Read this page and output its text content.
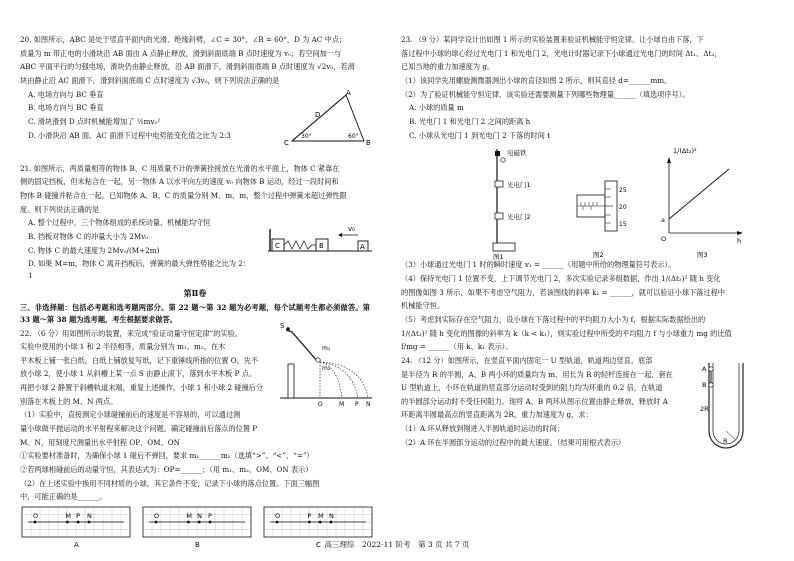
20. 如图所示，ABC 是处于竖直平面内的光滑、绝缘斜劈，∠C = 30°、∠B = 60°，D 为 AC 中点；

质量为 m 带正电的小滑块沿 AB 面由 A 点静止释放，滑到斜面底端 B 点时速度为 v₀；若空间加一与

ABC 平面平行的匀强电场，滑块仍由静止释放，沿 AB 面滑下，滑到斜面底端 B 点时速度为 √2v₀，若滑

块由静止沿 AC 面滑下，滑到斜面底端 C 点时速度为 √3v₀，则下列说法正确的是

A. 电场方向与 BC 垂直

B. 电场方向与 BC 垂直

C. 滑块滑到 D 点时机械能增加了 ½mv₀²

D. 小滑块沿 AB 面、AC 面滑下过程中电势能变化值之比为 2:3

A
B
C
D
30°	60°

21. 如图所示，两质量相等的物体 B、C 用质量不计的弹簧拴接放在光滑的水平面上，物体 C 紧靠在

侧的固定挡板，但未粘合在一起，另一物体 A 以水平向左的速度 v₀ 向物体 B 运动，经过一段时间和

物体 B 碰撞并粘合在一起，已知物体 A、B、C 的质量分别 M、m、m，整个过程中弹簧未超过弹性限

度。则下列说法正确的是

A. 整个过程中，三个物体组成的系统动量、机械能均守恒

B. 挡板对物体 C 的冲量大小为 2Mv₀

C. 物体 C 的最大速度为 2Mv₀/(M+2m)

D. 如果 M=m，物体 C 离开挡板后，弹簧的最大弹性势能之比为 2：1

C	B	A
v₀
第Ⅱ卷

三、非选择题：包括必考题和选考题两部分。第 22 题～第 32 题为必考题，每个试题考生都必须做答。第 33 题～第 38 题为选考题，考生根据要求做答。

22. （6 分）用如图所示的装置，来完成“验证动量守恒定律”的实验。

实验中使用的小球 1 和 2 半径相等，质量分别为 m₁、m₂，在木

平木板上铺一张白纸，白纸上铺放复写纸，记下重锤线所指的位置 O。先不

放小球 2，使小球 1 从斜槽上某一点 S 由静止滚下，落到水平木板 P 点。

再把小球 2 静置于斜槽轨道末端，重复上述操作，小球 1 和小球 2 碰撞后分

别落在木板上的 M、N 两点。

（1）实验中，直接测定小球碰撞前后的速度是不容易的，可以通过测

量小球做平抛运动的水平射程来解决这个问题。确定碰撞前后落点的位置 P

S
m₁
m₂
O	M P N

M、N，用刻度尺测量出水平射程 OP、OM、ON

①实验要材准备时，为确保小球 1 碰后不弹回，要求 m₁______m₂（选填“>”、“<”、“=”）

②若两球相碰前后的动量守恒，其表达式为：OP=______；（用 m₁、m₂、OM、ON 表示）

（2）在上述实验中换用不同材质的小球，其它条件不变，记录下小球的落点位置。下面三幅图

中，可能正确的是______。

O	M P N
A
O	M N P
B
O	P M N
C

23. （9 分）某同学设计出如图 1 所示的实验装置来验证机械能守恒定律。让小球自由下落，下

落过程中小球的球心经过光电门 1 和光电门 2，光电计时器记录下小球通过光电门的时间 Δt₁、Δt₂，

已知当地的重力加速度为 g。

（1）该同学先用螺旋测微器测出小球的直径如图 2 所示，则其直径 d=______mm。

（2）为了验证机械能守恒定律，该实验还需要测量下列哪些物理量______（填选项序号）。

A. 小球的质量 m

B. 光电门 1 和光电门 2 之间的距离 h

C. 小球从光电门 1 到光电门 2 下落的时间 t

电磁铁
光电门1
光电门2
图1
25
20
15
图2
1/(Δt₂)²
a
O	h
图3

（3）小球通过光电门 1 时的瞬时速度 v₁ = ______（用题中所给的物理量符号表示）。

（4）保持光电门 1 位置不变，上下调节光电门 2，多次实验记录多组数据，作出 1/(Δt₂)² 随 h 变化

的图像如图 3 所示，如果不考虑空气阻力，若该图线的斜率 k₁ = ______，就可以验证小球下落过程中

机械能守恒。

（5）考虑到实际存在空气阻力，设小球在下落过程中的平均阻力大小为 f，根据实际数据绘出的

1/(Δt₂)² 随 h 变化的图像的斜率为 k（k < k₁），则实验过程中所受的平均阻力 f 与小球重力 mg 的比值

f/mg = ______（用 k、k₁ 表示）。

24. （12 分）如图所示，在竖直平面内固定一 U 型轨道，轨道两边竖直，底部

是半径为 R 的半圆，A、B 两小环的质量均为 m，用长为 R 的轻杆连接在一起，套在

U 型轨道上，小环在轨道的竖直部分运动时受到的阻力均为环重的 0.2 倍，在轨道

的半圆部分运动时不受任何阻力。现将 A、B 两环从图示位置由静止释放，释放时 A

环距离半圆最高点的竖直距离为 2R，重力加速度为 g，求：

（1）A 环从释放到刚进入半圆轨道时运动的时间；

（2）A 环在半圆部分运动的过程中的最大速度。（结果可用根式表示）

A
B
2R
R
高三理综　2022-11 阶考　第 3 页 共 7 页
